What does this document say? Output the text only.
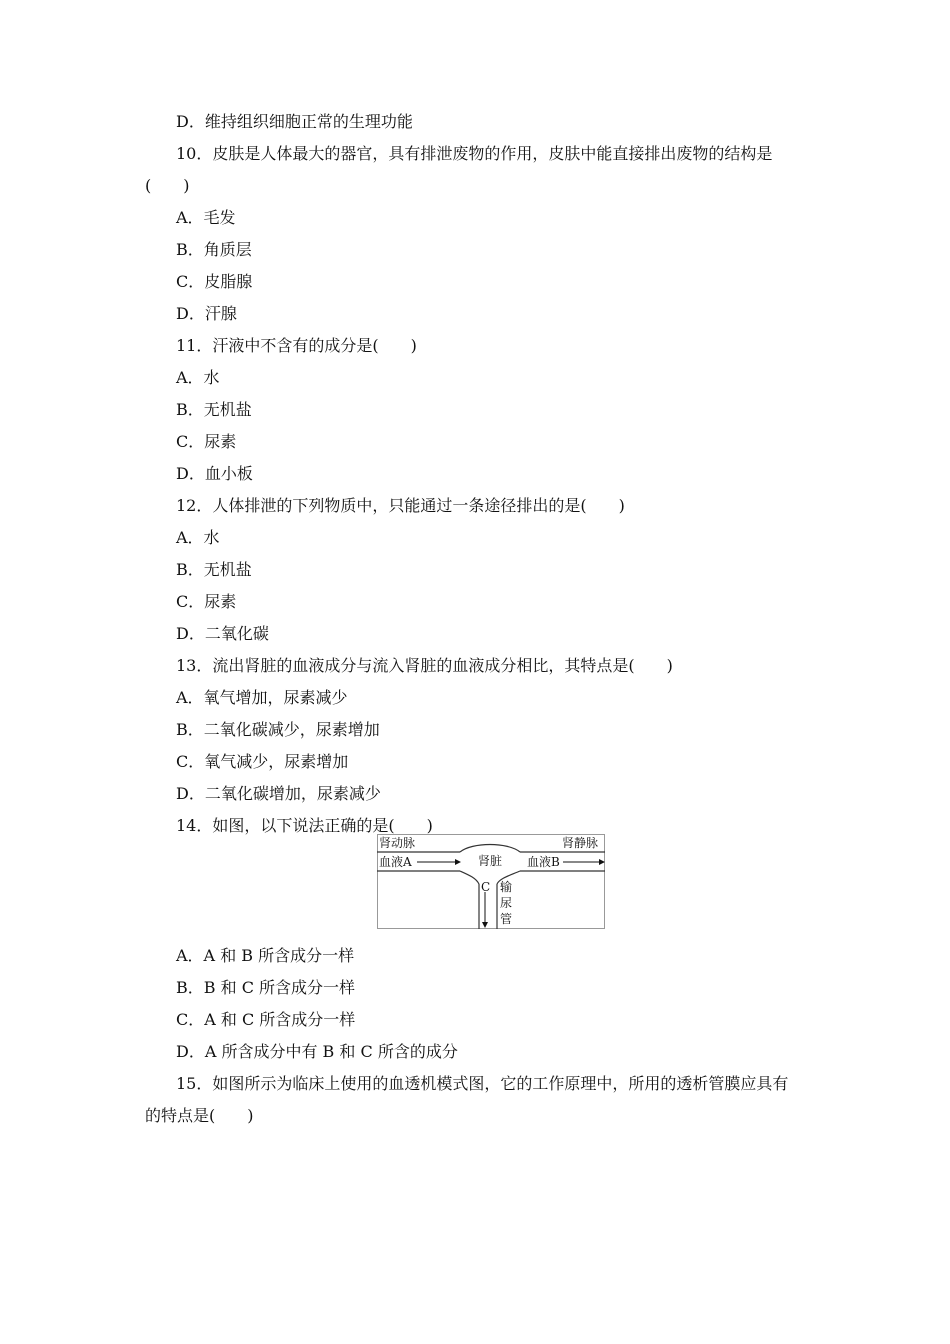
D．维持组织细胞正常的生理功能
10．皮肤是人体最大的器官，具有排泄废物的作用，皮肤中能直接排出废物的结构是
(　　)
A．毛发
B．角质层
C．皮脂腺
D．汗腺
11．汗液中不含有的成分是(　　)
A．水
B．无机盐
C．尿素
D．血小板
12．人体排泄的下列物质中，只能通过一条途径排出的是(　　)
A．水
B．无机盐
C．尿素
D．二氧化碳
13．流出肾脏的血液成分与流入肾脏的血液成分相比，其特点是(　　)
A．氧气增加，尿素减少
B．二氧化碳减少，尿素增加
C．氧气减少，尿素增加
D．二氧化碳增加，尿素减少
14．如图，以下说法正确的是(　　)
肾动脉	肾静脉
血液A	血液B
肾脏
C 输
尿
管
A．A 和 B 所含成分一样
B．B 和 C 所含成分一样
C．A 和 C 所含成分一样
D．A 所含成分中有 B 和 C 所含的成分
15．如图所示为临床上使用的血透机模式图，它的工作原理中，所用的透析管膜应具有
的特点是(　　)
